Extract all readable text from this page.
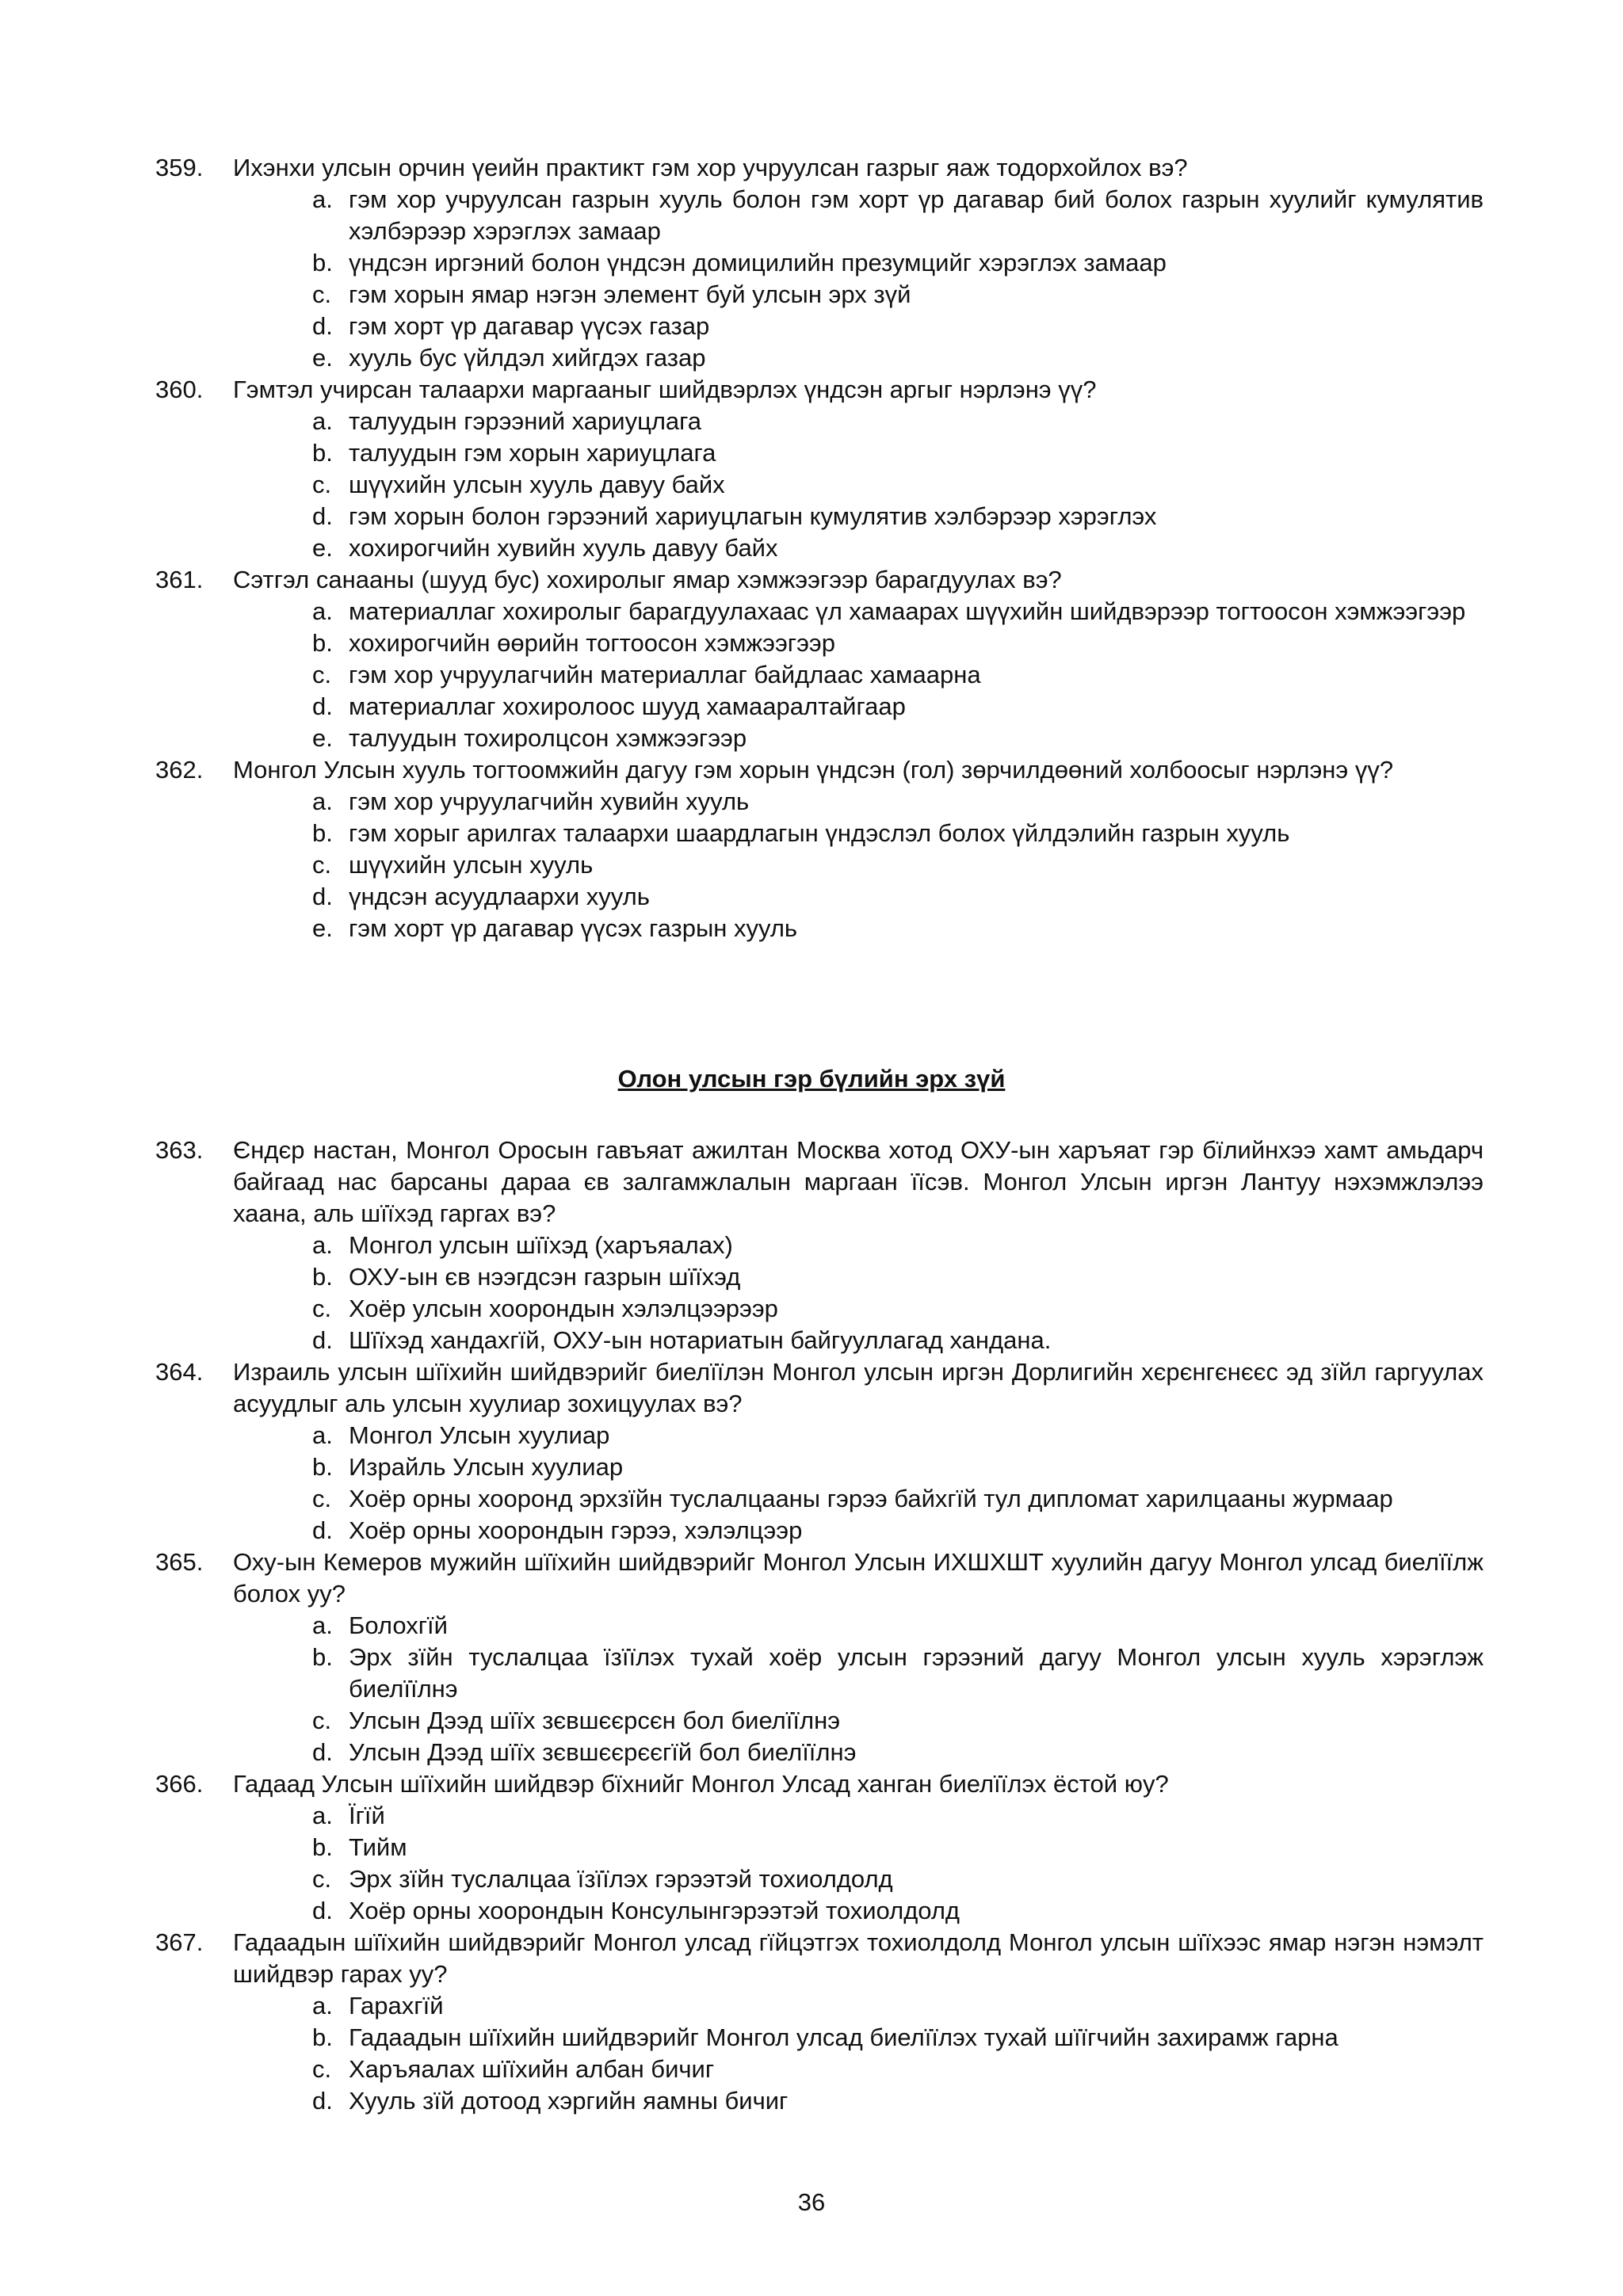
359.	Ихэнхи улсын орчин үеийн практикт гэм хор учруулсан газрыг яаж тодорхойлох вэ?
a. гэм хор учруулсан газрын хууль болон гэм хорт үр дагавар бий болох газрын хуулийг кумулятив хэлбэрээр хэрэглэх замаар
b. үндсэн иргэний болон үндсэн домицилийн презумцийг хэрэглэх замаар
c. гэм хорын ямар нэгэн элемент буй улсын эрх зүй
d. гэм хорт үр дагавар үүсэх газар
e. хууль бус үйлдэл хийгдэх газар
360.	Гэмтэл учирсан талаархи маргааныг шийдвэрлэх үндсэн аргыг нэрлэнэ үү?
a. талуудын гэрээний хариуцлага
b. талуудын гэм хорын хариуцлага
c. шүүхийн улсын хууль давуу байх
d. гэм хорын болон гэрээний хариуцлагын кумулятив хэлбэрээр хэрэглэх
e. хохирогчийн хувийн хууль давуу байх
361.	Сэтгэл санааны (шууд бус) хохиролыг ямар хэмжээгээр барагдуулах вэ?
a. материаллаг хохиролыг барагдуулахаас үл хамаарах шүүхийн шийдвэрээр тогтоосон хэмжээгээр
b. хохирогчийн өөрийн тогтоосон хэмжээгээр
c. гэм хор учруулагчийн материаллаг байдлаас хамаарна
d. материаллаг хохиролоос шууд хамааралтайгаар
e. талуудын тохиролцсон хэмжээгээр
362.	Монгол Улсын хууль тогтоомжийн дагуу гэм хорын үндсэн (гол) зөрчилдөөний холбоосыг нэрлэнэ үү?
a. гэм хор учруулагчийн хувийн хууль
b. гэм хорыг арилгах талаархи шаардлагын үндэслэл болох үйлдэлийн газрын хууль
c. шүүхийн улсын хууль
d. үндсэн асуудлаархи хууль
e. гэм хорт үр дагавар үүсэх газрын хууль
Олон улсын гэр бүлийн эрх зүй
363.	Єндєр настан, Монгол Оросын гавъяат ажилтан Москва хотод ОХУ-ын харъяат гэр бїлийнхээ хамт амьдарч байгаад нас барсаны дараа єв залгамжлалын маргаан їїсэв. Монгол Улсын иргэн Лантуу нэхэмжлэлээ хаана, аль шїїхэд гаргах вэ?
a. Монгол улсын шїїхэд (харъяалах)
b. ОХУ-ын єв нээгдсэн газрын шїїхэд
c. Хоёр улсын хоорондын хэлэлцээрээр
d. Шїїхэд хандахгїй, ОХУ-ын нотариатын байгууллагад хандана.
364.	Израиль улсын шїїхийн шийдвэрийг биелїїлэн Монгол улсын иргэн Дорлигийн хєрєнгєнєєс эд зїйл гаргуулах асуудлыг аль улсын хуулиар зохицуулах вэ?
a. Монгол Улсын хуулиар
b. Израйль Улсын хуулиар
c. Хоёр орны хооронд эрхзїйн туслалцааны гэрээ байхгїй тул дипломат харилцааны журмаар
d. Хоёр орны хоорондын гэрээ, хэлэлцээр
365.	Оху-ын Кемеров мужийн шїїхийн шийдвэрийг Монгол Улсын ИХШХШТ хуулийн дагуу Монгол улсад биелїїлж болох уу?
a. Болохгїй
b. Эрх зїйн туслалцаа їзїїлэх тухай хоёр улсын гэрээний дагуу Монгол улсын хууль хэрэглэж биелїїлнэ
c. Улсын Дээд шїїх зєвшєєрсєн бол биелїїлнэ
d. Улсын Дээд шїїх зєвшєєрєєгїй бол биелїїлнэ
366.	Гадаад Улсын шїїхийн шийдвэр бїхнийг Монгол Улсад ханган биелїїлэх ёстой юу?
a. Їгїй
b. Тийм
c. Эрх зїйн туслалцаа їзїїлэх гэрээтэй тохиолдолд
d. Хоёр орны хоорондын Консулынгэрээтэй тохиолдолд
367.	Гадаадын шїїхийн шийдвэрийг Монгол улсад гїйцэтгэх тохиолдолд Монгол улсын шїїхээс ямар нэгэн нэмэлт шийдвэр гарах уу?
a. Гарахгїй
b. Гадаадын шїїхийн шийдвэрийг Монгол улсад биелїїлэх тухай шїїгчийн захирамж гарна
c. Харъяалах шїїхийн албан бичиг
d. Хууль зїй дотоод хэргийн яамны бичиг
36
